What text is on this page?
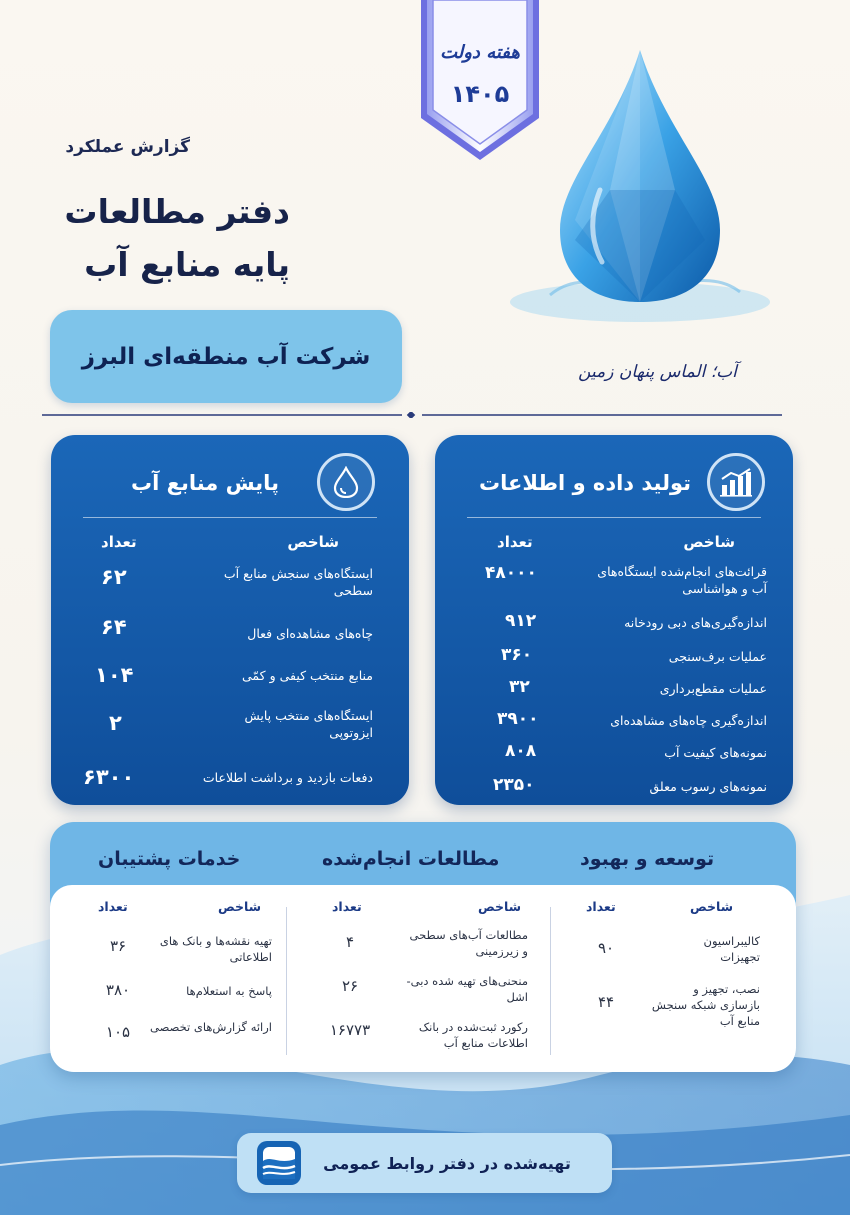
هفته دولت
۱۴۰۵
آب؛ الماس پنهان زمین
گزارش عملکرد
دفتر مطالعات
پایه منابع آب
شرکت آب منطقه‌ای البرز
پایش منابع آب
شاخص
تعداد
ایستگاه‌های سنجش منابع آب سطحی
۶۲
چاه‌های مشاهده‌ای فعال
۶۴
منابع منتخب کیفی و کمّی
۱۰۴
ایستگاه‌های منتخب پایش ایزوتوپی
۲
دفعات بازدید و برداشت اطلاعات
۶۳۰۰
تولید داده و اطلاعات
شاخص
تعداد
قرائت‌های انجام‌شده ایستگاه‌های آب و هواشناسی
۴۸۰۰۰
اندازه‌گیری‌های دبی رودخانه
۹۱۲
عملیات برف‌سنجی
۳۶۰
عملیات مقطع‌برداری
۳۲
اندازه‌گیری چاه‌های مشاهده‌ای
۳۹۰۰
نمونه‌های کیفیت آب
۸۰۸
نمونه‌های رسوب معلق
۲۳۵۰
توسعه و بهبود
مطالعات انجام‌شده
خدمات پشتیبان
شاخص
تعداد
کالیبراسیون تجهیزات
۹۰
نصب، تجهیز و بازسازی شبکه سنجش منابع آب
۴۴
شاخص
تعداد
مطالعات آب‌های سطحی و زیرزمینی
۴
منحنی‌های تهیه شده دبی-اشل
۲۶
رکورد ثبت‌شده در بانک اطلاعات منابع آب
۱۶۷۷۳
شاخص
تعداد
تهیه نقشه‌ها و بانک های اطلاعاتی
۳۶
پاسخ به استعلام‌ها
۳۸۰
ارائه گزارش‌های تخصصی
۱۰۵
تهیه‌شده در دفتر روابط عمومی
